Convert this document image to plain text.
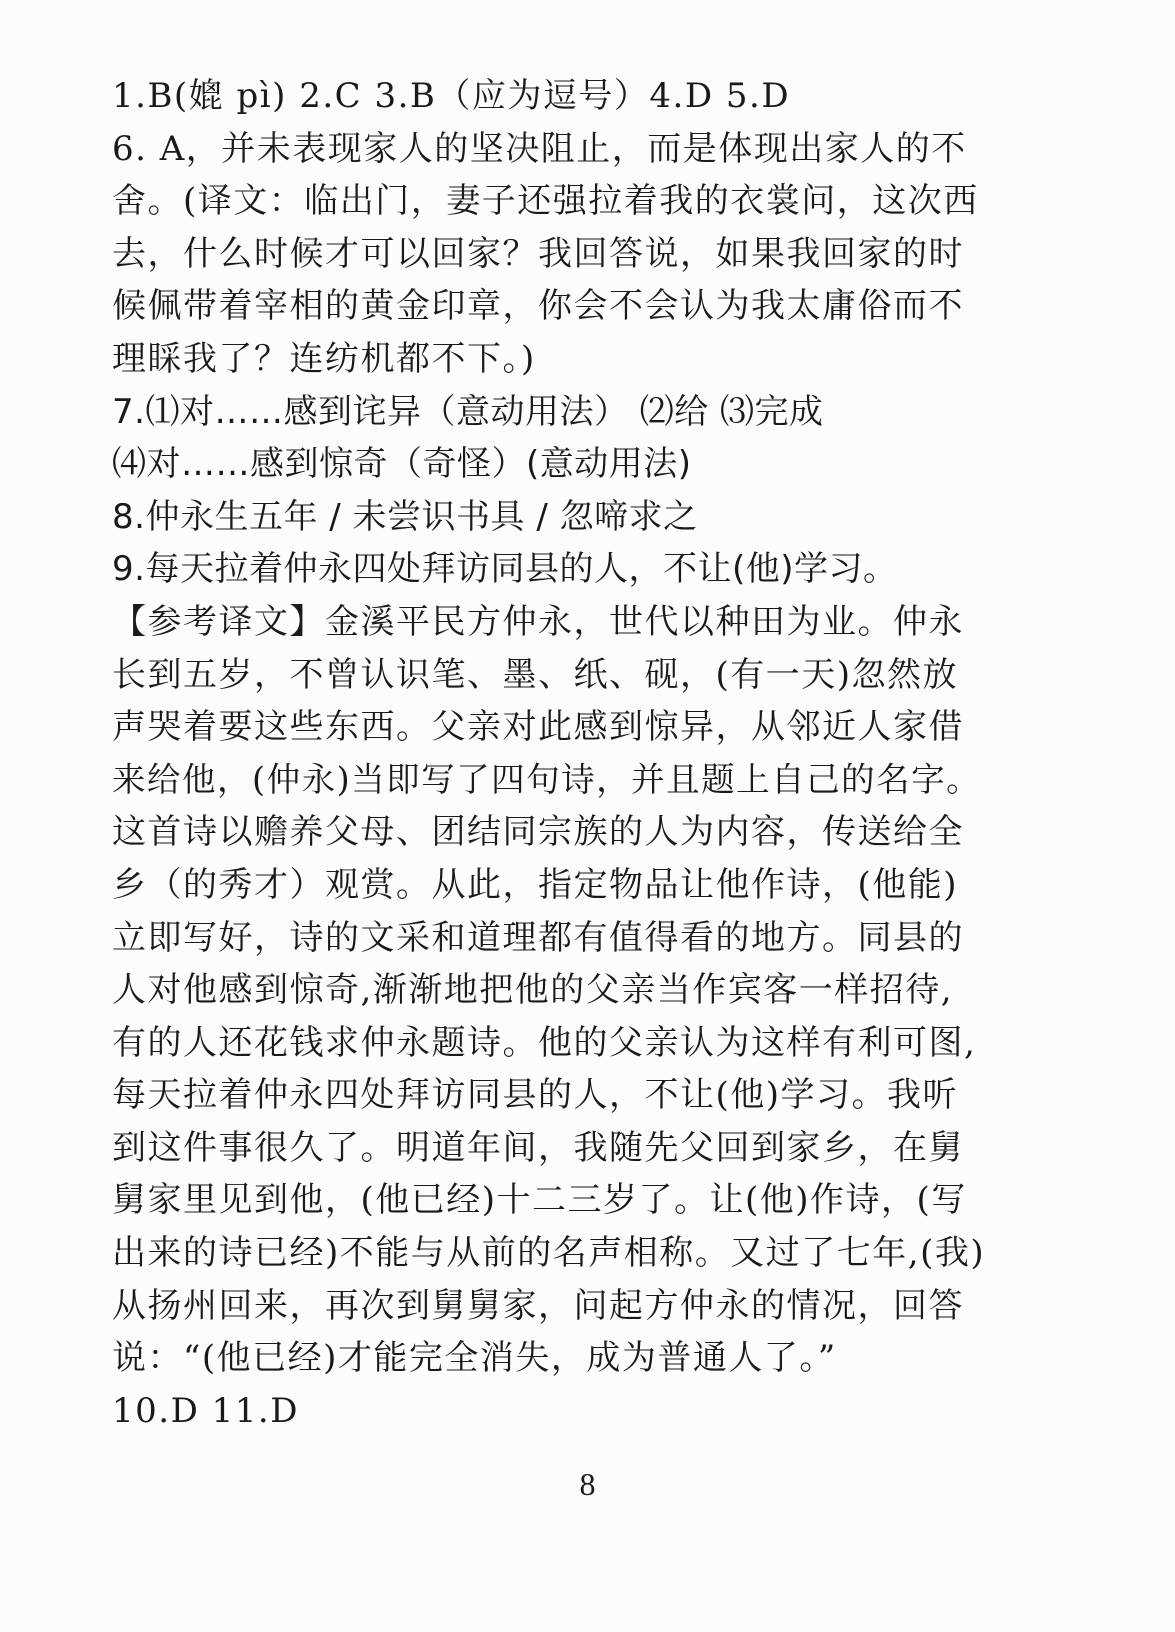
1.B(媲 pì) 2.C 3.B（应为逗号）4.D 5.D
6. A，并未表现家人的坚决阻止，而是体现出家人的不
舍。(译文：临出门，妻子还强拉着我的衣裳问，这次西
去，什么时候才可以回家？我回答说，如果我回家的时
候佩带着宰相的黄金印章，你会不会认为我太庸俗而不
理睬我了？连纺机都不下。)
7.⑴对……感到诧异（意动用法） ⑵给 ⑶完成
⑷对……感到惊奇（奇怪）(意动用法)
8.仲永生五年 / 未尝识书具 / 忽啼求之
9.每天拉着仲永四处拜访同县的人，不让(他)学习。
【参考译文】金溪平民方仲永，世代以种田为业。仲永
长到五岁，不曾认识笔、墨、纸、砚，(有一天)忽然放
声哭着要这些东西。父亲对此感到惊异，从邻近人家借
来给他，(仲永)当即写了四句诗，并且题上自己的名字。
这首诗以赡养父母、团结同宗族的人为内容，传送给全
乡（的秀才）观赏。从此，指定物品让他作诗，(他能)
立即写好，诗的文采和道理都有值得看的地方。同县的
人对他感到惊奇,渐渐地把他的父亲当作宾客一样招待,
有的人还花钱求仲永题诗。他的父亲认为这样有利可图,
每天拉着仲永四处拜访同县的人，不让(他)学习。我听
到这件事很久了。明道年间，我随先父回到家乡，在舅
舅家里见到他，(他已经)十二三岁了。让(他)作诗，(写
出来的诗已经)不能与从前的名声相称。又过了七年,(我)
从扬州回来，再次到舅舅家，问起方仲永的情况，回答
说：“(他已经)才能完全消失，成为普通人了。”
10.D 11.D
8
